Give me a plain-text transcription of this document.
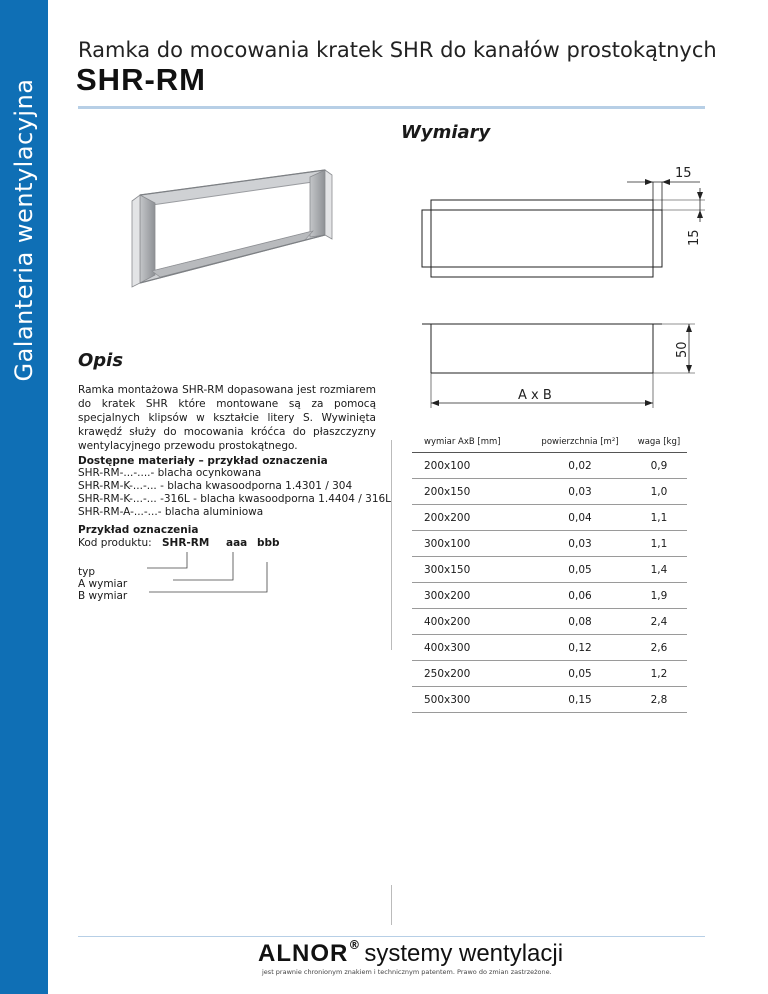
Galanteria wentylacyjna
Ramka do mocowania kratek SHR do kanałów prostokątnych
SHR-RM
Wymiary
15
15
50
A x B
Opis
Ramka montażowa SHR-RM dopasowana jest rozmiarem do kratek SHR które montowane są za pomocą specjalnych klipsów w kształcie litery S. Wywinięta krawędź służy do mocowania króćca do płaszczyzny wentylacyjnego przewodu prostokątnego.
Dostępne materiały – przykład oznaczenia
SHR-RM-...-....- blacha ocynkowana
SHR-RM-K-...-... - blacha kwasoodporna 1.4301 / 304
SHR-RM-K-...-... -316L - blacha kwasoodporna 1.4404 / 316L
SHR-RM-A-...-...- blacha aluminiowa
Przykład oznaczenia
Kod produktu: SHR-RM aaa bbb
typ
A wymiar
B wymiar
wymiar AxB [mm]	powierzchnia [m²]	waga [kg]
200x100	0,02	0,9
200x150	0,03	1,0
200x200	0,04	1,1
300x100	0,03	1,1
300x150	0,05	1,4
300x200	0,06	1,9
400x200	0,08	2,4
400x300	0,12	2,6
250x200	0,05	1,2
500x300	0,15	2,8
ALNOR® systemy wentylacji
jest prawnie chronionym znakiem i technicznym patentem. Prawo do zmian zastrzeżone.
